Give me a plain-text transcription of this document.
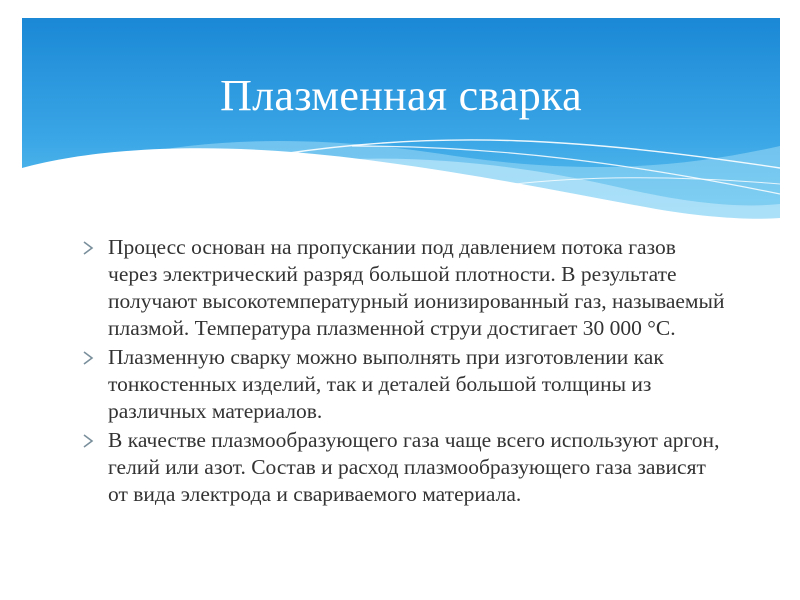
Плазменная сварка
Процесс основан на пропускании под давлением потока газов через электрический разряд большой плотности. В результате получают высокотемпературный ионизированный газ, называемый плазмой. Температура плазменной струи достигает 30 000 °С.
Плазменную сварку можно выполнять при изготовлении как тонкостенных изделий, так и деталей большой толщины из различных материалов.
В качестве плазмообразующего газа чаще всего используют аргон, гелий или азот. Состав и расход плазмообразующего газа зависят от вида электрода и свариваемого материала.
